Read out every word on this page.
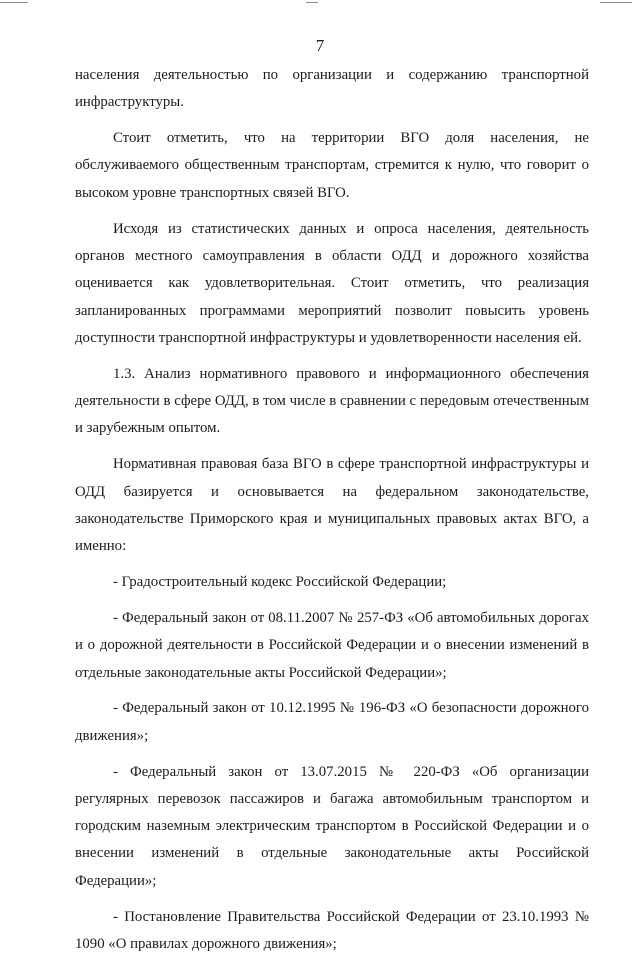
7

населения деятельностью по организации и содержанию транспортной инфраструктуры.

Стоит отметить, что на территории ВГО доля населения, не обслуживаемого общественным транспортам, стремится к нулю, что говорит о высоком уровне транспортных связей ВГО.

Исходя из статистических данных и опроса населения, деятельность органов местного самоуправления в области ОДД и дорожного хозяйства оценивается как удовлетворительная. Стоит отметить, что реализация запланированных программами мероприятий позволит повысить уровень доступности транспортной инфраструктуры и удовлетворенности населения ей.

1.3. Анализ нормативного правового и информационного обеспечения деятельности в сфере ОДД, в том числе в сравнении с передовым отечественным и зарубежным опытом.

Нормативная правовая база ВГО в сфере транспортной инфраструктуры и ОДД базируется и основывается на федеральном законодательстве, законодательстве Приморского края и муниципальных правовых актах ВГО, а именно:

- Градостроительный кодекс Российской Федерации;

- Федеральный закон от 08.11.2007 № 257-ФЗ «Об автомобильных дорогах и о дорожной деятельности в Российской Федерации и о внесении изменений в отдельные законодательные акты Российской Федерации»;

- Федеральный закон от 10.12.1995 № 196-ФЗ «О безопасности дорожного движения»;

- Федеральный закон от 13.07.2015 № 220-ФЗ «Об организации регулярных перевозок пассажиров и багажа автомобильным транспортом и городским наземным электрическим транспортом в Российской Федерации и о внесении изменений в отдельные законодательные акты Российской Федерации»;

- Постановление Правительства Российской Федерации от 23.10.1993 № 1090 «О правилах дорожного движения»;
